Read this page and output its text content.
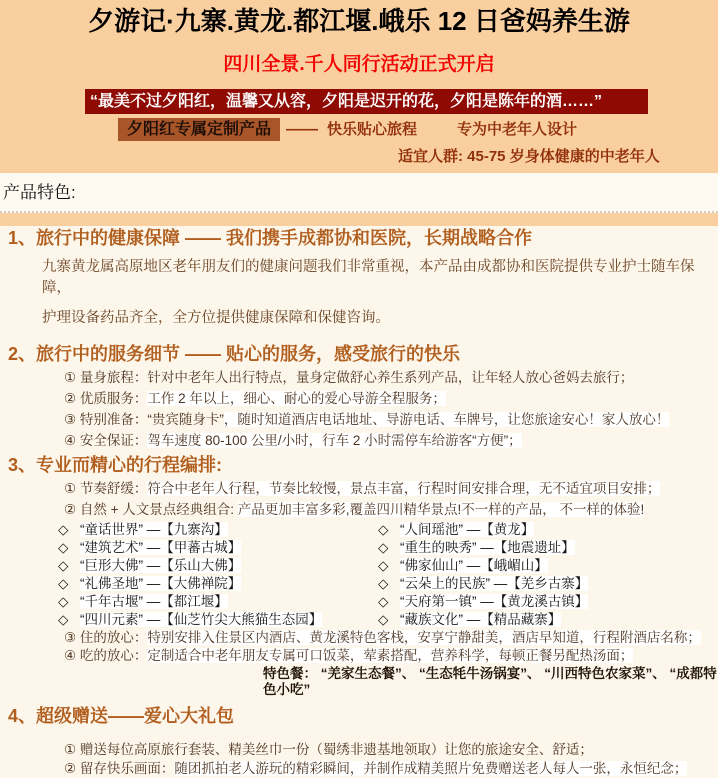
夕游记·九寨.黄龙.都江堰.峨乐 12 日爸妈养生游
四川全景.千人同行活动正式开启
“最美不过夕阳红，温馨又从容，夕阳是迟开的花，夕阳是陈年的酒……”
夕阳红专属定制产品 —— 快乐贴心旅程	专为中老年人设计
适宜人群: 45-75 岁身体健康的中老年人
产品特色:
1、旅行中的健康保障 —— 我们携手成都协和医院，长期战略合作

九寨黄龙属高原地区老年朋友们的健康问题我们非常重视，本产品由成都协和医院提供专业护士随车保障，

护理设备药品齐全，全方位提供健康保障和保健咨询。

2、旅行中的服务细节 —— 贴心的服务，感受旅行的快乐
① 量身旅程：针对中老年人出行特点，量身定做舒心养生系列产品，让年轻人放心爸妈去旅行；
② 优质服务：工作 2 年以上，细心、耐心的爱心导游全程服务；
③ 特别准备：“贵宾随身卡”，随时知道酒店电话地址、导游电话、车牌号，让您旅途安心！家人放心！
④ 安全保证：驾车速度 80-100 公里/小时，行车 2 小时需停车给游客“方便”；
3、专业而精心的行程编排:
① 节奏舒缓：符合中老年人行程，节奏比较慢，景点丰富，行程时间安排合理，无不适宜项目安排；
② 自然 + 人文景点经典组合: 产品更加丰富多彩,覆盖四川精华景点!不一样的产品， 不一样的体验!
◇ “童话世界” —【九寨沟】	◇ “人间瑶池” —【黄龙】
◇ “建筑艺术” —【甲蕃古城】	◇ “重生的映秀” —【地震遗址】
◇ “巨形大佛” —【乐山大佛】	◇ “佛家仙山” —【峨嵋山】
◇ “礼佛圣地” —【大佛禅院】	◇ “云朵上的民族” —【羌乡古寨】
◇ “千年古堰” —【都江堰】	◇ “天府第一镇” —【黄龙溪古镇】
◇ “四川元素” —【仙芝竹尖大熊猫生态园】	◇ “藏族文化” —【精品藏寨】
③ 住的放心：特别安排入住景区内酒店、黄龙溪特色客栈，安享宁静甜美，酒店早知道，行程附酒店名称；
④ 吃的放心：定制适合中老年朋友专属可口饭菜，荤素搭配，营养科学，每顿正餐另配热汤面；
特色餐： “羌家生态餐”、 “生态牦牛汤锅宴”、 “川西特色农家菜”、 “成都特色小吃”
4、超级赠送——爱心大礼包
① 赠送每位高原旅行套装、精美丝巾一份（蜀绣非遗基地领取）让您的旅途安全、舒适；
② 留存快乐画面：随团抓拍老人游玩的精彩瞬间，并制作成精美照片免费赠送老人每人一张，永恒纪念；
